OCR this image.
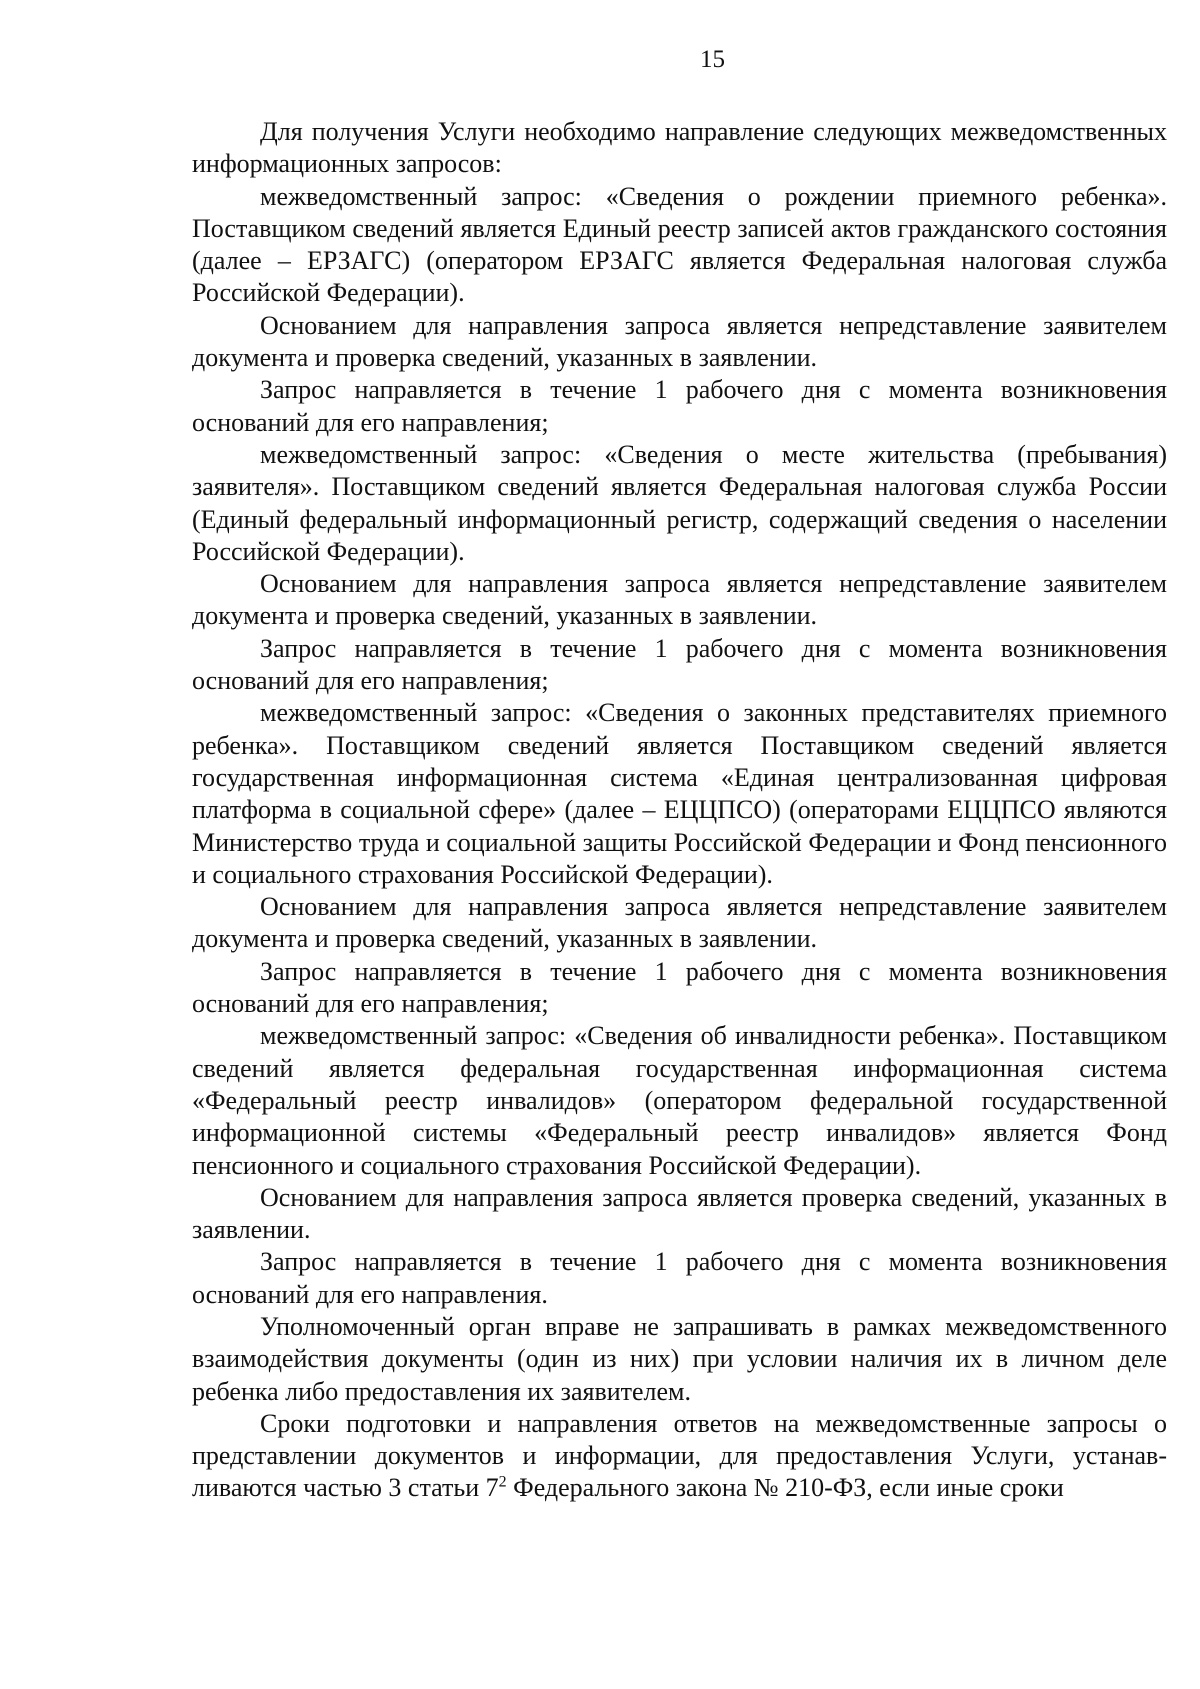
15

Для получения Услуги необходимо направление следующих межведомственных информационных запросов:

межведомственный запрос: «Сведения о рождении приемного ребенка». Поставщиком сведений является Единый реестр записей актов гражданского состояния (далее – ЕРЗАГС) (оператором ЕРЗАГС является Федеральная налоговая служба Российской Федерации).

Основанием для направления запроса является непредставление заявителем документа и проверка сведений, указанных в заявлении.

Запрос направляется в течение 1 рабочего дня с момента возникновения оснований для его направления;

межведомственный запрос: «Сведения о месте жительства (пребывания) заявителя». Поставщиком сведений является Федеральная налоговая служба России (Единый федеральный информационный регистр, содержащий сведения о населении Российской Федерации).

Основанием для направления запроса является непредставление заявителем документа и проверка сведений, указанных в заявлении.

Запрос направляется в течение 1 рабочего дня с момента возникновения оснований для его направления;

межведомственный запрос: «Сведения о законных представителях приемного ребенка». Поставщиком сведений является Поставщиком сведений является государственная информационная система «Единая централизованная цифровая платформа в социальной сфере» (далее – ЕЦЦПСО) (операторами ЕЦЦПСО являются Министерство труда и социальной защиты Российской Федерации и Фонд пенсионного и социального страхования Российской Федерации).

Основанием для направления запроса является непредставление заявителем документа и проверка сведений, указанных в заявлении.

Запрос направляется в течение 1 рабочего дня с момента возникновения оснований для его направления;

межведомственный запрос: «Сведения об инвалидности ребенка». Поставщиком сведений является федеральная государственная информационная система «Федеральный реестр инвалидов» (оператором федеральной государственной информационной системы «Федеральный реестр инвалидов» является Фонд пенсионного и социального страхования Российской Федерации).

Основанием для направления запроса является проверка сведений, указанных в заявлении.

Запрос направляется в течение 1 рабочего дня с момента возникновения оснований для его направления.

Уполномоченный орган вправе не запрашивать в рамках межведомственного взаимодействия документы (один из них) при условии наличия их в личном деле ребенка либо предоставления их заявителем.

Сроки подготовки и направления ответов на межведомственные запросы о представлении документов и информации, для предоставления Услуги, устанавливаются частью 3 статьи $7^2$ Федерального закона № 210-ФЗ, если иные сроки
